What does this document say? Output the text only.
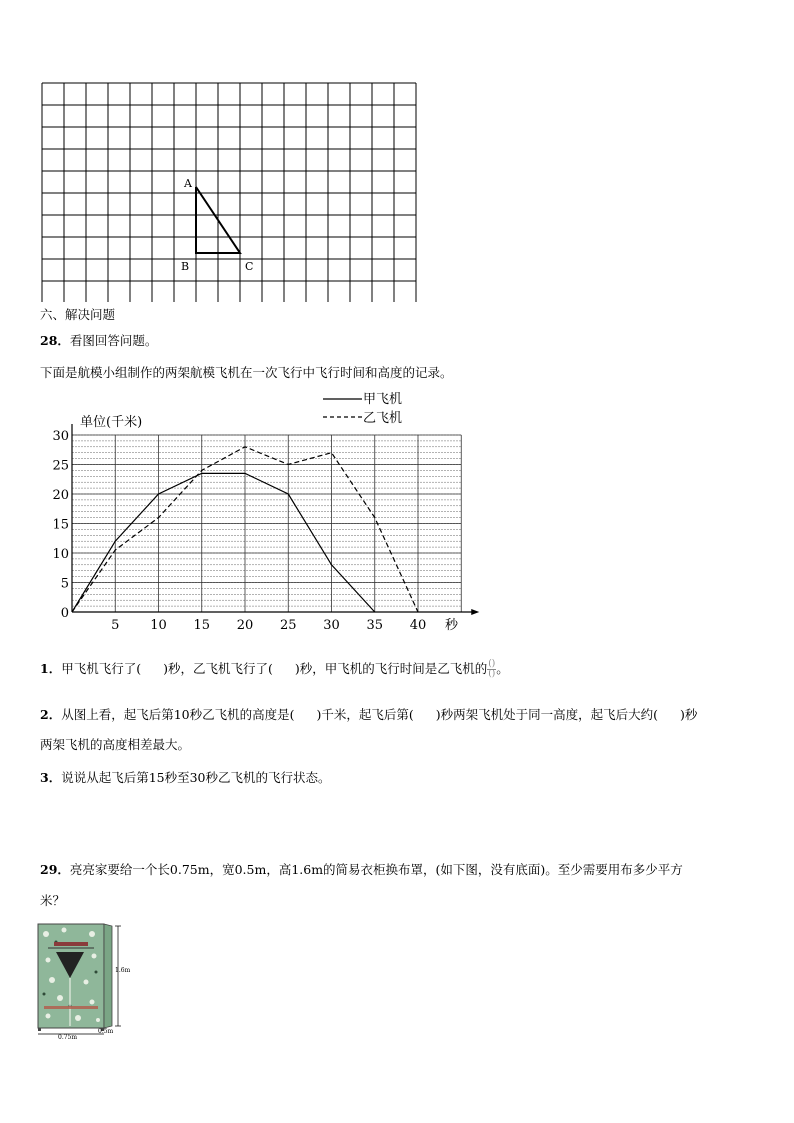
A
B	C
六、解决问题
28．看图回答问题。
下面是航模小组制作的两架航模飞机在一次飞行中飞行时间和高度的记录。
5 10 15 20 25 30 35 40
0
5
10
15
20
25
30
单位(千米)
秒
甲飞机
乙飞机
1．甲飞机飞行了( )秒，乙飞机飞行了( )秒，甲飞机的飞行时间是乙飞机的 $\frac{()}{()}$ 。
2．从图上看，起飞后第10秒乙飞机的高度是( )千米，起飞后第( )秒两架飞机处于同一高度，起飞后大约( )秒
两架飞机的高度相差最大。
3．说说从起飞后第15秒至30秒乙飞机的飞行状态。
29．亮亮家要给一个长0.75m，宽0.5m，高1.6m的简易衣柜换布罩，(如下图，没有底面)。至少需要用布多少平方
米？
1.6m
0.75m
0.5m
